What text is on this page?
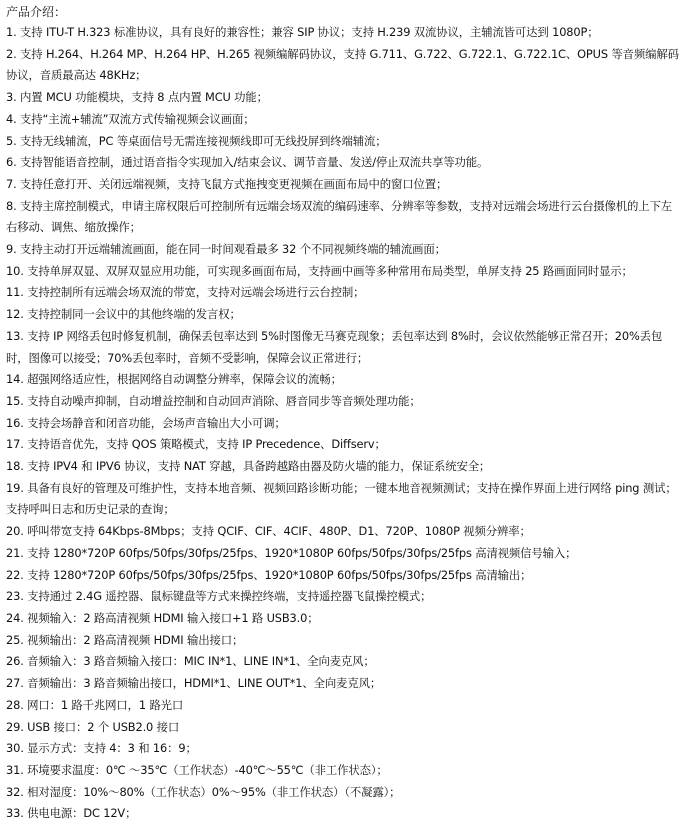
产品介绍：
1. 支持 ITU-T H.323 标准协议，具有良好的兼容性；兼容 SIP 协议；支持 H.239 双流协议，主辅流皆可达到 1080P；
2. 支持 H.264、H.264 MP、H.264 HP、H.265 视频编解码协议，支持 G.711、G.722、G.722.1、G.722.1C、OPUS 等音频编解码协议，音质最高达 48KHz；
3. 内置 MCU 功能模块，支持 8 点内置 MCU 功能；
4. 支持“主流+辅流”双流方式传输视频会议画面；
5. 支持无线辅流，PC 等桌面信号无需连接视频线即可无线投屏到终端辅流；
6. 支持智能语音控制，通过语音指令实现加入/结束会议、调节音量、发送/停止双流共享等功能。
7. 支持任意打开、关闭远端视频，支持飞鼠方式拖拽变更视频在画面布局中的窗口位置；
8. 支持主席控制模式，申请主席权限后可控制所有远端会场双流的编码速率、分辨率等参数，支持对远端会场进行云台摄像机的上下左右移动、调焦、缩放操作；
9. 支持主动打开远端辅流画面，能在同一时间观看最多 32 个不同视频终端的辅流画面；
10. 支持单屏双显、双屏双显应用功能，可实现多画面布局，支持画中画等多种常用布局类型，单屏支持 25 路画面同时显示；
11. 支持控制所有远端会场双流的带宽，支持对远端会场进行云台控制；
12. 支持控制同一会议中的其他终端的发言权；
13. 支持 IP 网络丢包时修复机制，确保丢包率达到 5%时图像无马赛克现象；丢包率达到 8%时，会议依然能够正常召开；20%丢包时，图像可以接受；70%丢包率时，音频不受影响，保障会议正常进行；
14. 超强网络适应性，根据网络自动调整分辨率，保障会议的流畅；
15. 支持自动噪声抑制，自动增益控制和自动回声消除、唇音同步等音频处理功能；
16. 支持会场静音和闭音功能，会场声音输出大小可调；
17. 支持语音优先，支持 QOS 策略模式，支持 IP Precedence、Diffserv；
18. 支持 IPV4 和 IPV6 协议，支持 NAT 穿越，具备跨越路由器及防火墙的能力，保证系统安全；
19. 具备有良好的管理及可维护性，支持本地音频、视频回路诊断功能；一键本地音视频测试；支持在操作界面上进行网络 ping 测试；支持呼叫日志和历史记录的查询；
20. 呼叫带宽支持 64Kbps-8Mbps；支持 QCIF、CIF、4CIF、480P、D1、720P、1080P 视频分辨率；
21. 支持 1280*720P 60fps/50fps/30fps/25fps、1920*1080P 60fps/50fps/30fps/25fps 高清视频信号输入；
22. 支持 1280*720P 60fps/50fps/30fps/25fps、1920*1080P 60fps/50fps/30fps/25fps 高清输出；
23. 支持通过 2.4G 遥控器、鼠标键盘等方式来操控终端，支持遥控器飞鼠操控模式；
24. 视频输入：2 路高清视频 HDMI 输入接口+1 路 USB3.0；
25. 视频输出：2 路高清视频 HDMI 输出接口；
26. 音频输入：3 路音频输入接口：MIC IN*1、LINE IN*1、全向麦克风；
27. 音频输出：3 路音频输出接口，HDMI*1、LINE OUT*1、全向麦克风；
28. 网口：1 路千兆网口，1 路光口
29. USB 接口：2 个 USB2.0 接口
30. 显示方式：支持 4：3 和 16：9；
31. 环境要求温度：0℃ ～35℃（工作状态）-40℃～55℃（非工作状态）；
32. 相对湿度：10%～80%（工作状态）0%～95%（非工作状态）（不凝露）；
33. 供电电源：DC 12V；
